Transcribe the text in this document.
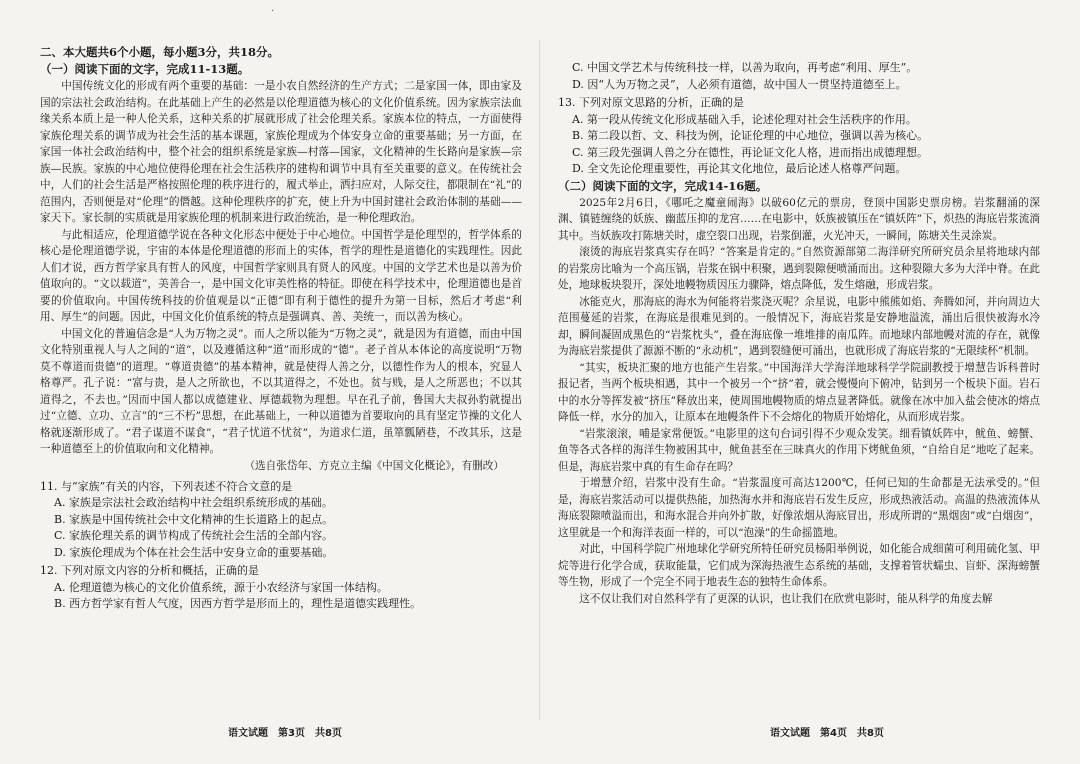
·

二、本大题共6个小题，每小题3分，共18分。

（一）阅读下面的文字，完成11-13题。

中国传统文化的形成有两个重要的基础：一是小农自然经济的生产方式；二是家国一体，即由家及国的宗法社会政治结构。在此基础上产生的必然是以伦理道德为核心的文化价值系统。因为家族宗法血缘关系本质上是一种人伦关系，这种关系的扩展就形成了社会伦理关系。家族本位的特点，一方面使得家族伦理关系的调节成为社会生活的基本课题，家族伦理成为个体安身立命的重要基础；另一方面，在家国一体社会政治结构中，整个社会的组织系统是家族—村落—国家，文化精神的生长路向是家族—宗族—民族。家族的中心地位使得伦理在社会生活秩序的建构和调节中具有至关重要的意义。在传统社会中，人们的社会生活是严格按照伦理的秩序进行的，履式举止，洒扫应对，人际交往，都限制在“礼”的范围内，否则便是对“伦理”的僭越。这种伦理秩序的扩充，使上升为中国封建社会政治体制的基础——家天下。家长制的实质就是用家族伦理的机制来进行政治统治，是一种伦理政治。

与此相适应，伦理道德学说在各种文化形态中便处于中心地位。中国哲学是伦理型的，哲学体系的核心是伦理道德学说，宇宙的本体是伦理道德的形而上的实体，哲学的理性是道德化的实践理性。因此人们才说，西方哲学家具有哲人的风度，中国哲学家则具有贤人的风度。中国的文学艺术也是以善为价值取向的。“文以载道”，美善合一，是中国文化审美性格的特征。即使在科学技术中，伦理道德也是首要的价值取向。中国传统科技的价值观是以“正德”即有利于德性的提升为第一目标，然后才考虑“利用、厚生”的问题。因此，中国文化价值系统的特点是强调真、善、美统一，而以善为核心。

中国文化的普遍信念是“人为万物之灵”。而人之所以能为“万物之灵”，就是因为有道德，而由中国文化特别重视人与人之间的“道”，以及遵循这种“道”而形成的“德”。老子首从本体论的高度说明“万物莫不尊道而贵德”的道理。“尊道贵德”的基本精神，就是使得人善之分，以德性作为人的根本，究显人格尊严。孔子说：“富与贵，是人之所欲也，不以其道得之，不处也。贫与贱，是人之所恶也；不以其道得之，不去也。”因而中国人都以成德建业、厚德载物为理想。早在孔子前，鲁国大夫叔孙豹就提出过“立德、立功、立言”的“三不朽”思想，在此基础上，一种以道德为首要取向的具有坚定节操的文化人格就逐渐形成了。“君子谋道不谋食”，“君子忧道不忧贫”，为道求仁道，虽箪瓢陋巷，不改其乐，这是一种道德至上的价值取向和文化精神。

（选自张岱年、方克立主编《中国文化概论》，有删改）

11. 与“家族”有关的内容，下列表述不符合文意的是

A. 家族是宗法社会政治结构中社会组织系统形成的基础。

B. 家族是中国传统社会中文化精神的生长道路上的起点。

C. 家族伦理关系的调节构成了传统社会生活的全部内容。

D. 家族伦理成为个体在社会生活中安身立命的重要基础。

12. 下列对原文内容的分析和概括，正确的是

A. 伦理道德为核心的文化价值系统，源于小农经济与家国一体结构。

B. 西方哲学家有哲人气度，因西方哲学是形而上的，理性是道德实践理性。

语文试题　第3页　共8页

C. 中国文学艺术与传统科技一样，以善为取向，再考虑“利用、厚生”。

D. 因“人为万物之灵”，人必须有道德，故中国人一贯坚持道德至上。

13. 下列对原文思路的分析，正确的是

A. 第一段从传统文化形成基础入手，论述伦理对社会生活秩序的作用。

B. 第二段以哲、文、科技为例，论证伦理的中心地位，强调以善为核心。

C. 第三段先强调人兽之分在德性，再论证文化人格，进而指出成德理想。

D. 全文先论伦理重要性，再论其文化地位，最后论述人格尊严问题。

（二）阅读下面的文字，完成14-16题。

2025年2月6日，《哪吒之魔童闹海》以破60亿元的票房，登顶中国影史票房榜。岩浆翻涌的深渊、镇链缠绕的妖族、幽蓝压抑的龙宫……在电影中，妖族被镇压在“镇妖阵”下，炽热的海底岩浆流淌其中。当妖族攻打陈塘关时，虚空裂口出现，岩浆倒灌，火光冲天，一瞬间，陈塘关生灵涂炭。

滚烫的海底岩浆真实存在吗？“答案是肯定的。”自然资源部第二海洋研究所研究员余星将地球内部的岩浆房比喻为一个高压锅，岩浆在锅中积聚，遇到裂隙便喷涌而出。这种裂隙大多为大洋中脊。在此处，地球板块裂开，深处地幔物质因压力骤降，熔点降低，发生熔融，形成岩浆。

冰能克火，那海底的海水为何能将岩浆浇灭呢？余星说，电影中熊熊如焰、奔腾如河，并向周边大范围蔓延的岩浆，在海底是很难见到的。一般情况下，海底岩浆是安静地溢流，涌出后很快被海水冷却，瞬间凝固成黑色的“岩浆枕头”，叠在海底像一堆堆排的南瓜阵。而地球内部地幔对流的存在，就像为海底岩浆提供了源源不断的“永动机”，遇到裂缝便可涌出，也就形成了海底岩浆的“无限续杯”机制。

“其实，板块汇聚的地方也能产生岩浆。”中国海洋大学海洋地球科学学院副教授于增慧告诉科普时报记者，当两个板块相遇，其中一个被另一个“挤”着，就会慢慢向下俯冲，钻到另一个板块下面。岩石中的水分等挥发被“挤压”释放出来，使周围地幔物质的熔点显著降低。就像在冰中加入盐会使冰的熔点降低一样，水分的加入，让原本在地幔条件下不会熔化的物质开始熔化，从而形成岩浆。

“岩浆滚滚，哺是家常便饭。”电影里的这句台词引得不少观众发笑。细看镇妖阵中，鱿鱼、螃蟹、鱼等各式各样的海洋生物被困其中，鱿鱼甚至在三昧真火的作用下烤鱿鱼须，“自给自足”地吃了起来。但是，海底岩浆中真的有生命存在吗？

于增慧介绍，岩浆中没有生命。“岩浆温度可高达1200℃，任何已知的生命都是无法承受的。”但是，海底岩浆活动可以提供热能，加热海水并和海底岩石发生反应，形成热液活动。高温的热液流体从海底裂隙喷溢而出，和海水混合并向外扩散，好像浓烟从海底冒出，形成所谓的“黑烟囱”或“白烟囱”，这里就是一个和海洋表面一样的，可以“泡澡”的生命摇篮地。

对此，中国科学院广州地球化学研究所特任研究员杨阳举例说，如化能合成细菌可利用硫化氢、甲烷等进行化学合成，获取能量，它们成为深海热液生态系统的基础，支撑着管状蠕虫、盲虾、深海螃蟹等生物，形成了一个完全不同于地表生态的独特生命体系。

这不仅让我们对自然科学有了更深的认识，也让我们在欣赏电影时，能从科学的角度去解

语文试题　第4页　共8页
